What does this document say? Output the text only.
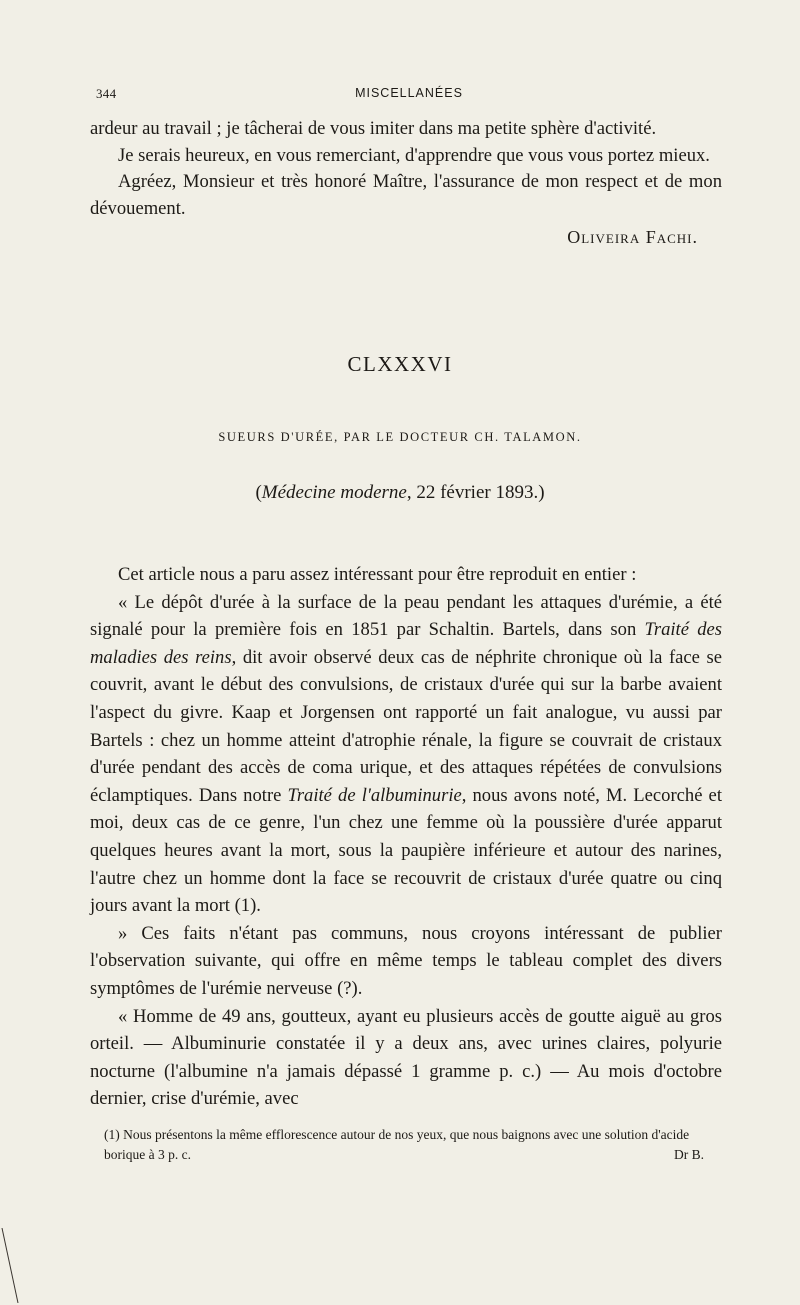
344	MISCELLANÉES

ardeur au travail ; je tâcherai de vous imiter dans ma petite sphère d'activité.

Je serais heureux, en vous remerciant, d'apprendre que vous vous portez mieux.

Agréez, Monsieur et très honoré Maître, l'assurance de mon respect et de mon dévouement.

Oliveira Fachi.
CLXXXVI
SUEURS D'URÉE, PAR LE DOCTEUR CH. TALAMON.
(Médecine moderne, 22 février 1893.)

Cet article nous a paru assez intéressant pour être reproduit en entier :

« Le dépôt d'urée à la surface de la peau pendant les attaques d'urémie, a été signalé pour la première fois en 1851 par Schaltin. Bartels, dans son Traité des maladies des reins, dit avoir observé deux cas de néphrite chronique où la face se couvrit, avant le début des convulsions, de cristaux d'urée qui sur la barbe avaient l'aspect du givre. Kaap et Jorgensen ont rapporté un fait analogue, vu aussi par Bartels : chez un homme atteint d'atrophie rénale, la figure se couvrait de cristaux d'urée pendant des accès de coma urique, et des attaques répétées de convulsions éclamptiques. Dans notre Traité de l'albuminurie, nous avons noté, M. Lecorché et moi, deux cas de ce genre, l'un chez une femme où la poussière d'urée apparut quelques heures avant la mort, sous la paupière inférieure et autour des narines, l'autre chez un homme dont la face se recouvrit de cristaux d'urée quatre ou cinq jours avant la mort (1).

» Ces faits n'étant pas communs, nous croyons intéressant de publier l'observation suivante, qui offre en même temps le tableau complet des divers symptômes de l'urémie nerveuse (?).

« Homme de 49 ans, goutteux, ayant eu plusieurs accès de goutte aiguë au gros orteil. — Albuminurie constatée il y a deux ans, avec urines claires, polyurie nocturne (l'albumine n'a jamais dépassé 1 gramme p. c.) — Au mois d'octobre dernier, crise d'urémie, avec

(1) Nous présentons la même efflorescence autour de nos yeux, que nous baignons avec une solution d'acide borique à 3 p. c.	Dr B.
